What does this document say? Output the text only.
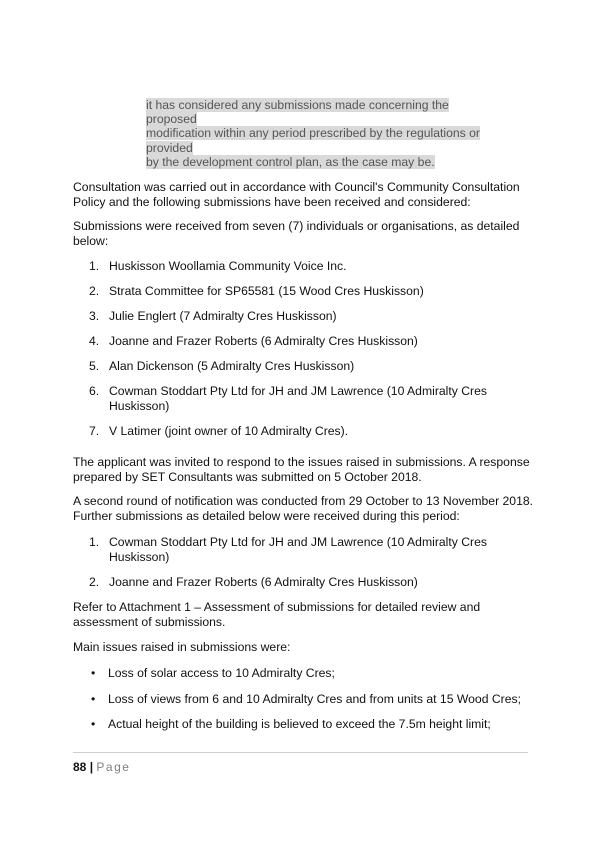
it has considered any submissions made concerning the proposed
modification within any period prescribed by the regulations or provided
by the development control plan, as the case may be.

Consultation was carried out in accordance with Council's Community Consultation Policy and the following submissions have been received and considered:

Submissions were received from seven (7) individuals or organisations, as detailed below:

1. Huskisson Woollamia Community Voice Inc.
2. Strata Committee for SP65581 (15 Wood Cres Huskisson)
3. Julie Englert (7 Admiralty Cres Huskisson)
4. Joanne and Frazer Roberts (6 Admiralty Cres Huskisson)
5. Alan Dickenson (5 Admiralty Cres Huskisson)
6. Cowman Stoddart Pty Ltd for JH and JM Lawrence (10 Admiralty Cres Huskisson)
7. V Latimer (joint owner of 10 Admiralty Cres).

The applicant was invited to respond to the issues raised in submissions. A response prepared by SET Consultants was submitted on 5 October 2018.

A second round of notification was conducted from 29 October to 13 November 2018. Further submissions as detailed below were received during this period:

1. Cowman Stoddart Pty Ltd for JH and JM Lawrence (10 Admiralty Cres Huskisson)
2. Joanne and Frazer Roberts (6 Admiralty Cres Huskisson)

Refer to Attachment 1 – Assessment of submissions for detailed review and assessment of submissions.

Main issues raised in submissions were:

• Loss of solar access to 10 Admiralty Cres;
• Loss of views from 6 and 10 Admiralty Cres and from units at 15 Wood Cres;
• Actual height of the building is believed to exceed the 7.5m height limit;
88 | Page
